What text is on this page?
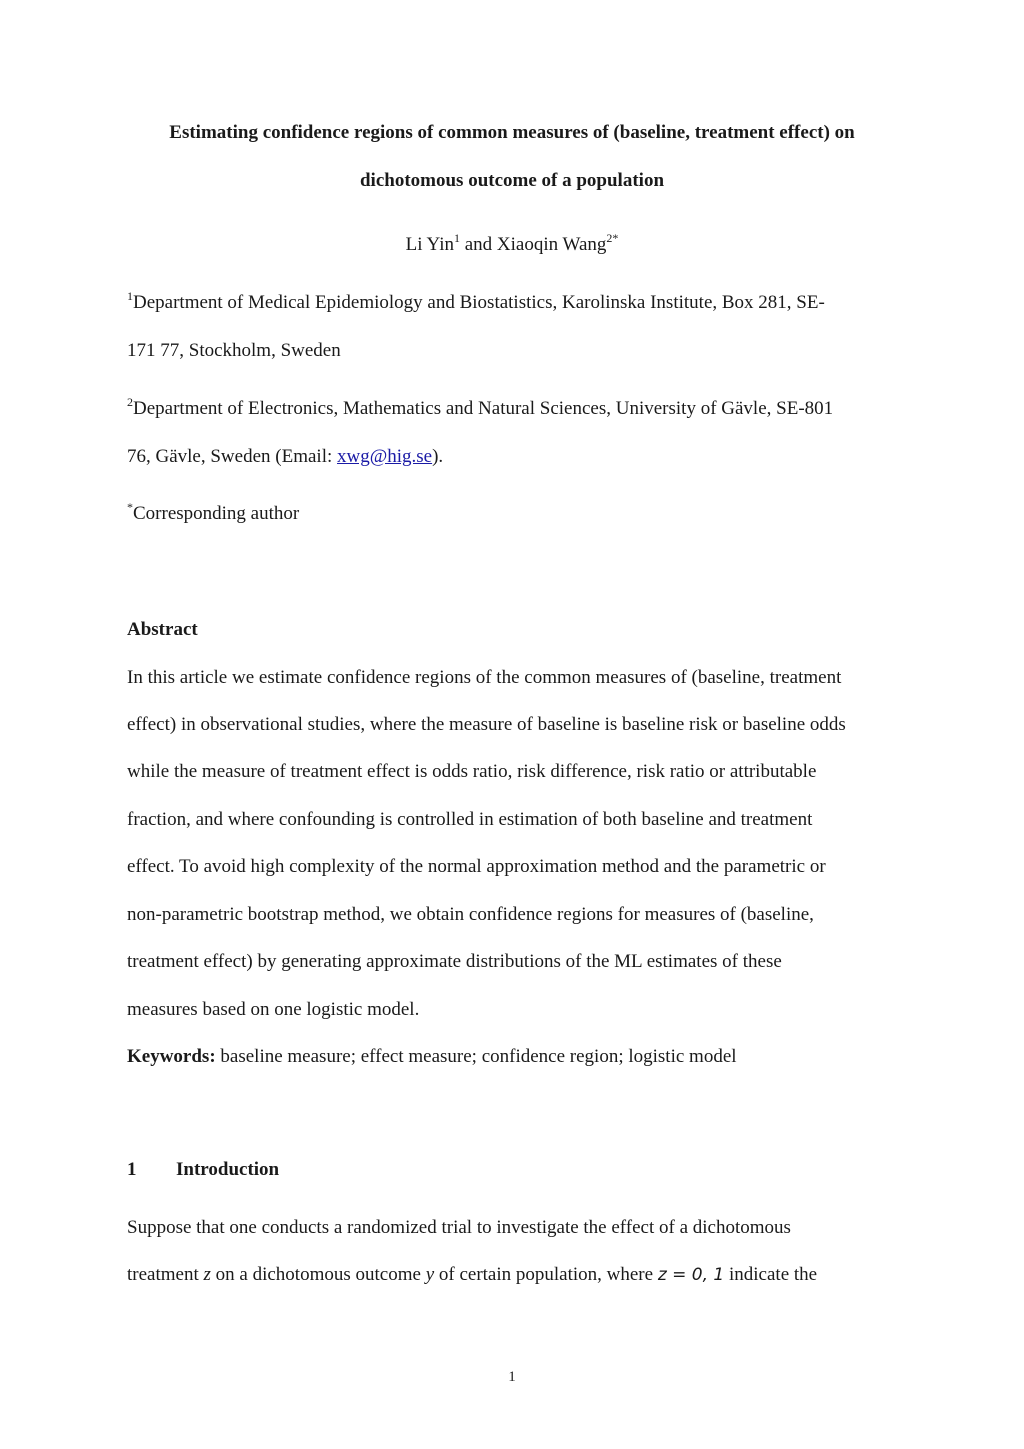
Estimating confidence regions of common measures of (baseline, treatment effect) on
dichotomous outcome of a population
Li Yin$^1$ and Xiaoqin Wang$^{2*}$
$^1$Department of Medical Epidemiology and Biostatistics, Karolinska Institute, Box 281, SE-
171 77, Stockholm, Sweden
$^2$Department of Electronics, Mathematics and Natural Sciences, University of Gävle, SE-801
76, Gävle, Sweden (Email: xwg@hig.se).
*Corresponding author
Abstract
In this article we estimate confidence regions of the common measures of (baseline, treatment
effect) in observational studies, where the measure of baseline is baseline risk or baseline odds
while the measure of treatment effect is odds ratio, risk difference, risk ratio or attributable
fraction, and where confounding is controlled in estimation of both baseline and treatment
effect. To avoid high complexity of the normal approximation method and the parametric or
non-parametric bootstrap method, we obtain confidence regions for measures of (baseline,
treatment effect) by generating approximate distributions of the ML estimates of these
measures based on one logistic model.
Keywords: baseline measure; effect measure; confidence region; logistic model
1 Introduction
Suppose that one conducts a randomized trial to investigate the effect of a dichotomous
treatment z on a dichotomous outcome y of certain population, where z = 0, 1 indicate the
1
